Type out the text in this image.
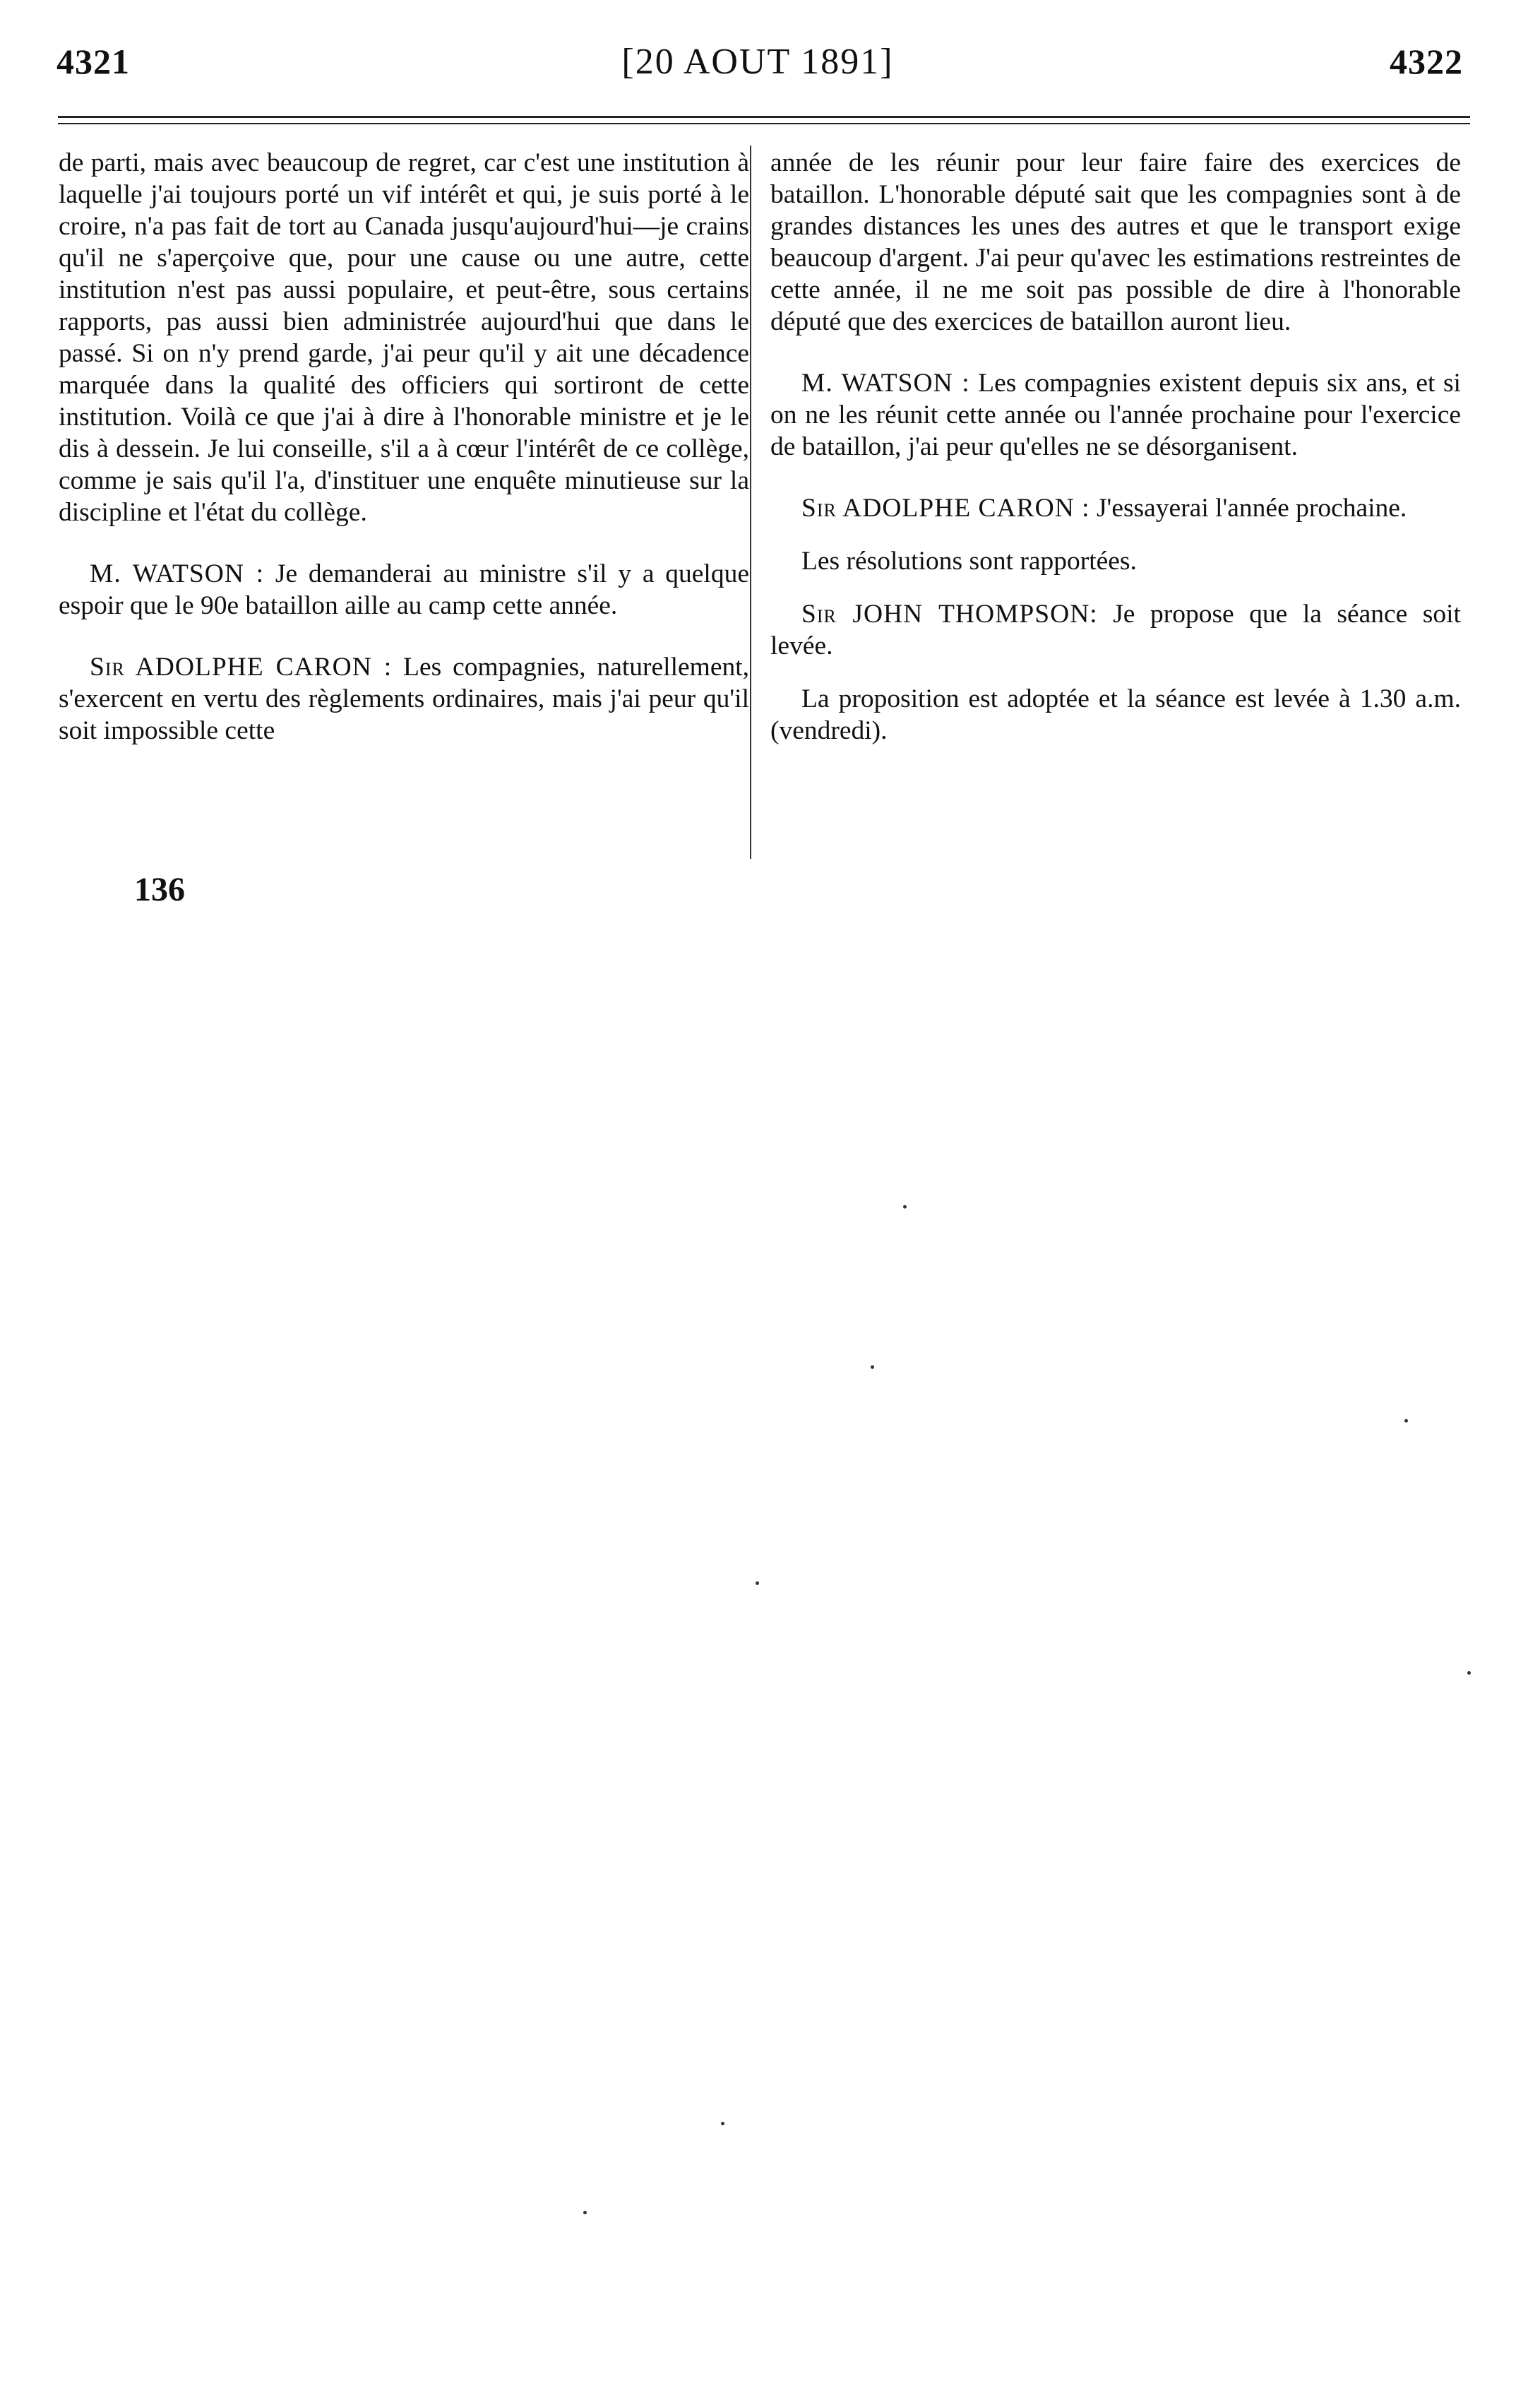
4321	[20 AOUT 1891]	4322

de parti, mais avec beaucoup de regret, car c'est une institution à laquelle j'ai toujours porté un vif intérêt et qui, je suis porté à le croire, n'a pas fait de tort au Canada jusqu'aujourd'hui—je crains qu'il ne s'aperçoive que, pour une cause ou une autre, cette institution n'est pas aussi populaire, et peut-être, sous certains rapports, pas aussi bien administrée aujourd'hui que dans le passé. Si on n'y prend garde, j'ai peur qu'il y ait une décadence marquée dans la qualité des officiers qui sortiront de cette institution. Voilà ce que j'ai à dire à l'honorable ministre et je le dis à dessein. Je lui conseille, s'il a à cœur l'intérêt de ce collège, comme je sais qu'il l'a, d'instituer une enquête minutieuse sur la discipline et l'état du collège.

M. WATSON : Je demanderai au ministre s'il y a quelque espoir que le 90e bataillon aille au camp cette année.

Sir ADOLPHE CARON : Les compagnies, naturellement, s'exercent en vertu des règlements ordinaires, mais j'ai peur qu'il soit impossible cette

année de les réunir pour leur faire faire des exercices de bataillon. L'honorable député sait que les compagnies sont à de grandes distances les unes des autres et que le transport exige beaucoup d'argent. J'ai peur qu'avec les estimations restreintes de cette année, il ne me soit pas possible de dire à l'honorable député que des exercices de bataillon auront lieu.

M. WATSON : Les compagnies existent depuis six ans, et si on ne les réunit cette année ou l'année prochaine pour l'exercice de bataillon, j'ai peur qu'elles ne se désorganisent.

Sir ADOLPHE CARON : J'essayerai l'année prochaine.

Les résolutions sont rapportées.

Sir JOHN THOMPSON: Je propose que la séance soit levée.

La proposition est adoptée et la séance est levée à 1.30 a.m. (vendredi).

136
